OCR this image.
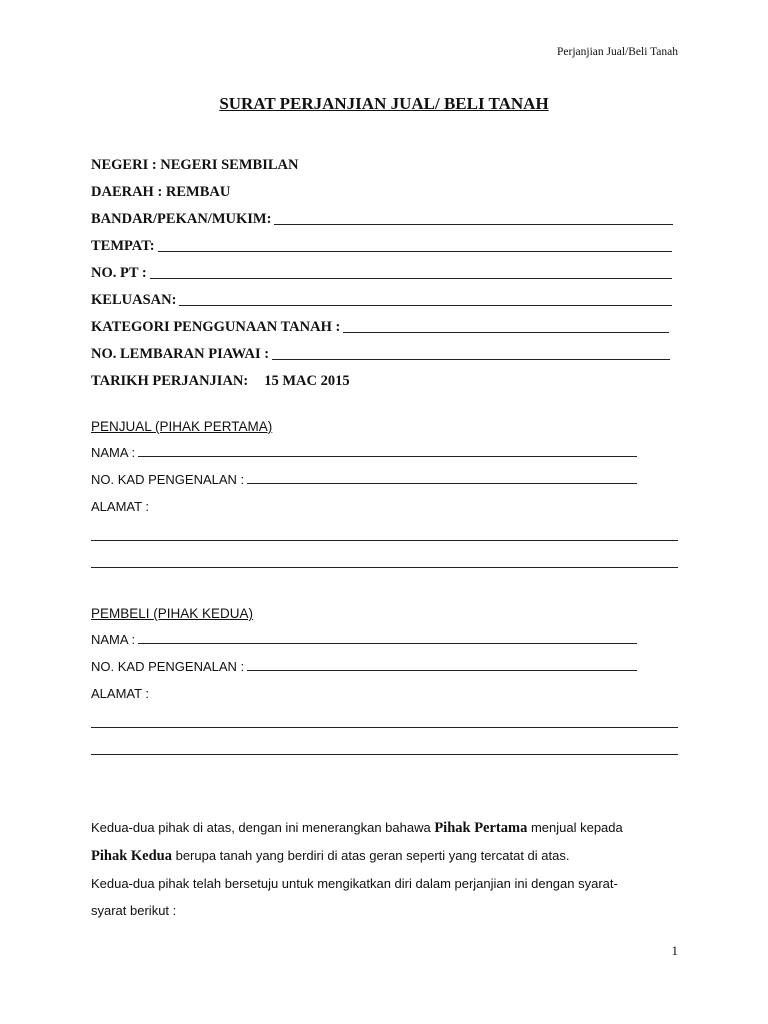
Perjanjian Jual/Beli Tanah
SURAT PERJANJIAN JUAL/ BELI TANAH
NEGERI : NEGERI SEMBILAN
DAERAH : REMBAU
BANDAR/PEKAN/MUKIM:
TEMPAT:
NO. PT :
KELUASAN:
KATEGORI PENGGUNAAN TANAH :
NO. LEMBARAN PIAWAI :
TARIKH PERJANJIAN: 15 MAC 2015
PENJUAL (PIHAK PERTAMA)
NAMA :
NO. KAD PENGENALAN :
ALAMAT :
PEMBELI (PIHAK KEDUA)
NAMA :
NO. KAD PENGENALAN :
ALAMAT :
Kedua-dua pihak di atas, dengan ini menerangkan bahawa Pihak Pertama menjual kepada
Pihak Kedua berupa tanah yang berdiri di atas geran seperti yang tercatat di atas.
Kedua-dua pihak telah bersetuju untuk mengikatkan diri dalam perjanjian ini dengan syarat-
syarat berikut :
1
